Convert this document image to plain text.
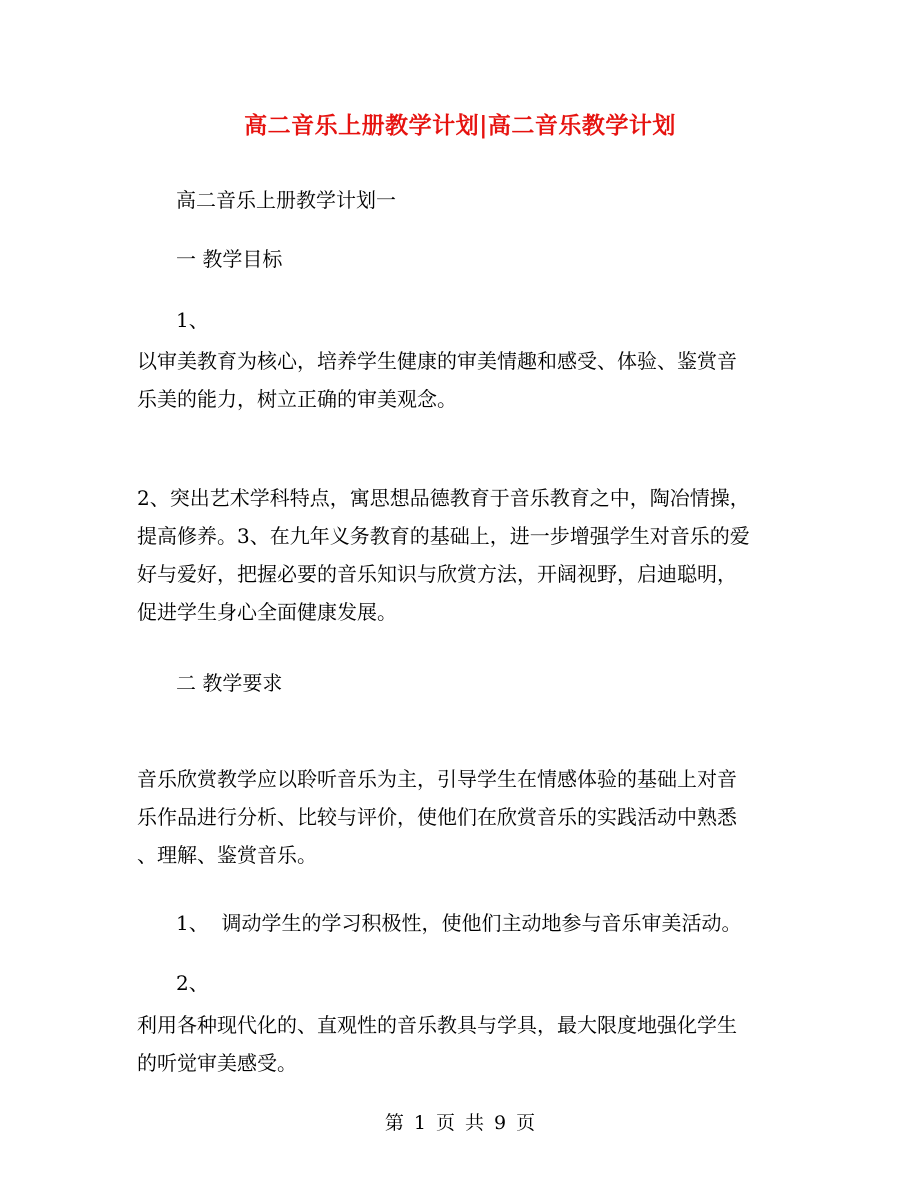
高二音乐上册教学计划|高二音乐教学计划
高二音乐上册教学计划一
一 教学目标
1、
以审美教育为核心，培养学生健康的审美情趣和感受、体验、鉴赏音
乐美的能力，树立正确的审美观念。
2、突出艺术学科特点，寓思想品德教育于音乐教育之中，陶冶情操，
提高修养。3、在九年义务教育的基础上，进一步增强学生对音乐的爱
好与爱好，把握必要的音乐知识与欣赏方法，开阔视野，启迪聪明，
促进学生身心全面健康发展。
二 教学要求
音乐欣赏教学应以聆听音乐为主，引导学生在情感体验的基础上对音
乐作品进行分析、比较与评价，使他们在欣赏音乐的实践活动中熟悉
、理解、鉴赏音乐。
1、  调动学生的学习积极性，使他们主动地参与音乐审美活动。
2、
利用各种现代化的、直观性的音乐教具与学具，最大限度地强化学生
的听觉审美感受。
第 1 页 共 9 页
